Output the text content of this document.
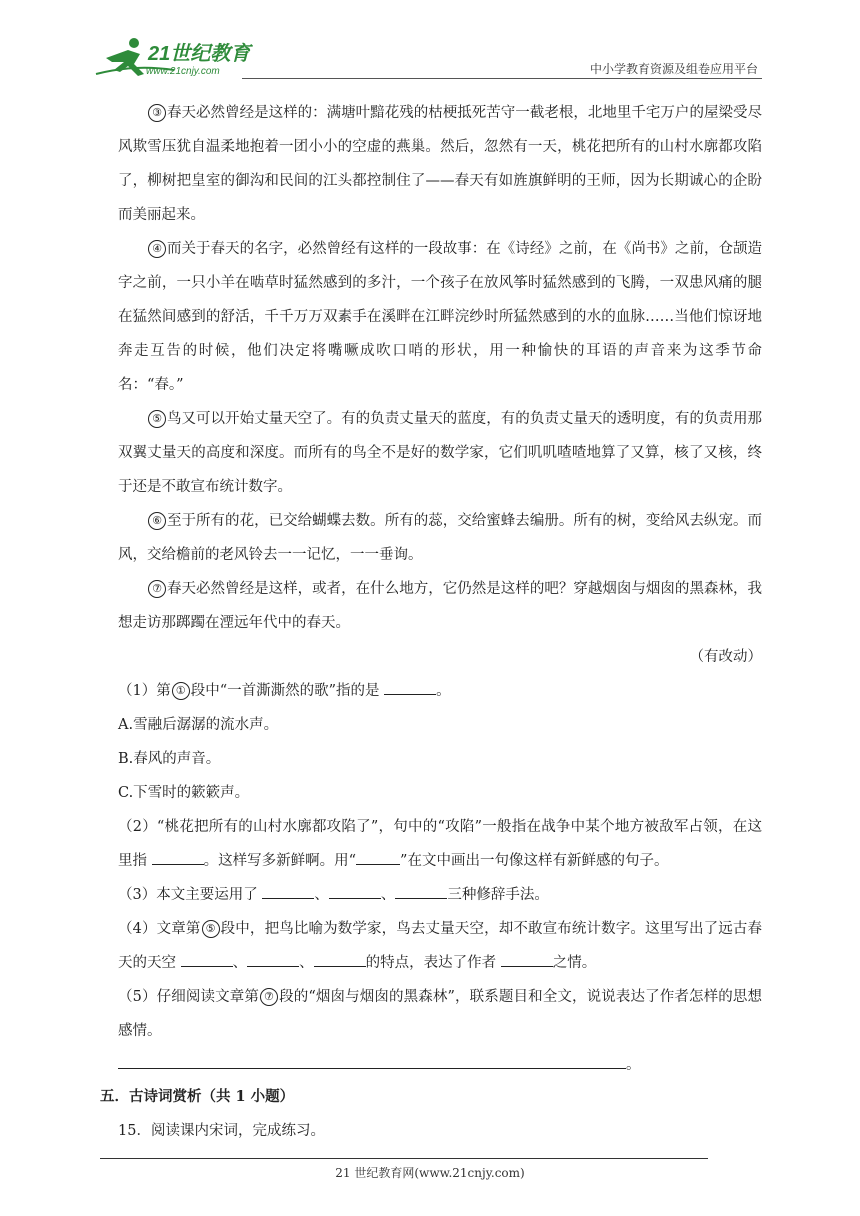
21世纪教育
www.21cnjy.com	中小学教育资源及组卷应用平台

③ 春天必然曾经是这样的：满塘叶黯花残的枯梗抵死苦守一截老根，北地里千宅万户的屋梁受尽风欺雪压犹自温柔地抱着一团小小的空虚的燕巢。然后，忽然有一天，桃花把所有的山村水廓都攻陷了，柳树把皇室的御沟和民间的江头都控制住了——春天有如旌旗鲜明的王师，因为长期诚心的企盼而美丽起来。

④ 而关于春天的名字，必然曾经有这样的一段故事：在《诗经》之前，在《尚书》之前，仓颉造字之前，一只小羊在啮草时猛然感到的多汁，一个孩子在放风筝时猛然感到的飞腾，一双患风痛的腿在猛然间感到的舒活，千千万万双素手在溪畔在江畔浣纱时所猛然感到的水的血脉……当他们惊讶地奔走互告的时候，他们决定将嘴噘成吹口哨的形状，用一种愉快的耳语的声音来为这季节命名：“春。”

⑤ 鸟又可以开始丈量天空了。有的负责丈量天的蓝度，有的负责丈量天的透明度，有的负责用那双翼丈量天的高度和深度。而所有的鸟全不是好的数学家，它们叽叽喳喳地算了又算，核了又核，终于还是不敢宣布统计数字。

⑥ 至于所有的花，已交给蝴蝶去数。所有的蕊，交给蜜蜂去编册。所有的树，变给风去纵宠。而风，交给檐前的老风铃去一一记忆，一一垂询。

⑦ 春天必然曾经是这样，或者，在什么地方，它仍然是这样的吧？穿越烟囱与烟囱的黑森林，我想走访那踯躅在湮远年代中的春天。

（有改动）

（1）第 ① 段中“一首澌澌然的歌”指的是	。

A.雪融后潺潺的流水声。

B.春风的声音。

C.下雪时的簌簌声。

（2）“桃花把所有的山村水廓都攻陷了”，句中的“攻陷”一般指在战争中某个地方被敌军占领，在这里指	。这样写多新鲜啊。用“	”在文中画出一句像这样有新鲜感的句子。

（3）本文主要运用了	、	、	三种修辞手法。

（4）文章第 ⑤ 段中，把鸟比喻为数学家，鸟去丈量天空，却不敢宣布统计数字。这里写出了远古春天的天空	、	、	的特点，表达了作者	之情。

（5）仔细阅读文章第 ⑦ 段的“烟囱与烟囱的黑森林”，联系题目和全文，说说表达了作者怎样的思想感情。

。

五．古诗词赏析（共 1 小题）
15．阅读课内宋词，完成练习。
21 世纪教育网(www.21cnjy.com)
